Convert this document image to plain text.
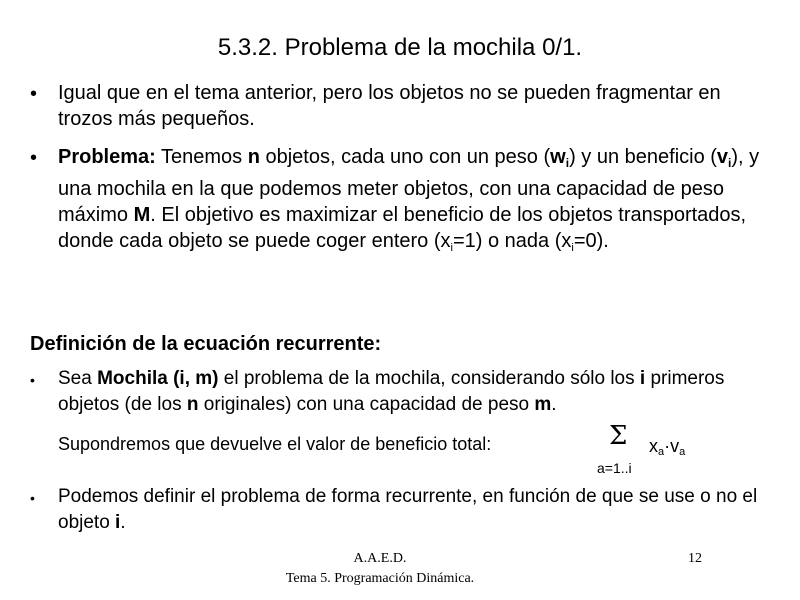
5.3.2. Problema de la mochila 0/1.
• Igual que en el tema anterior, pero los objetos no se pueden fragmentar en trozos más pequeños.
• Problema: Tenemos n objetos, cada uno con un peso $(w_i)$ y un beneficio $(v_i)$, y una mochila en la que podemos meter objetos, con una capacidad de peso máximo M. El objetivo es maximizar el beneficio de los objetos transportados, donde cada objeto se puede coger entero $(x_i=1)$ o nada $(x_i=0)$.
Definición de la ecuación recurrente:
• Sea Mochila (i, m) el problema de la mochila, considerando sólo los i primeros objetos (de los n originales) con una capacidad de peso m.
Supondremos que devuelve el valor de beneficio total:	Σ xa·va
a=1..i
• Podemos definir el problema de forma recurrente, en función de que se use o no el objeto i.
A.A.E.D.
Tema 5. Programación Dinámica.
12
